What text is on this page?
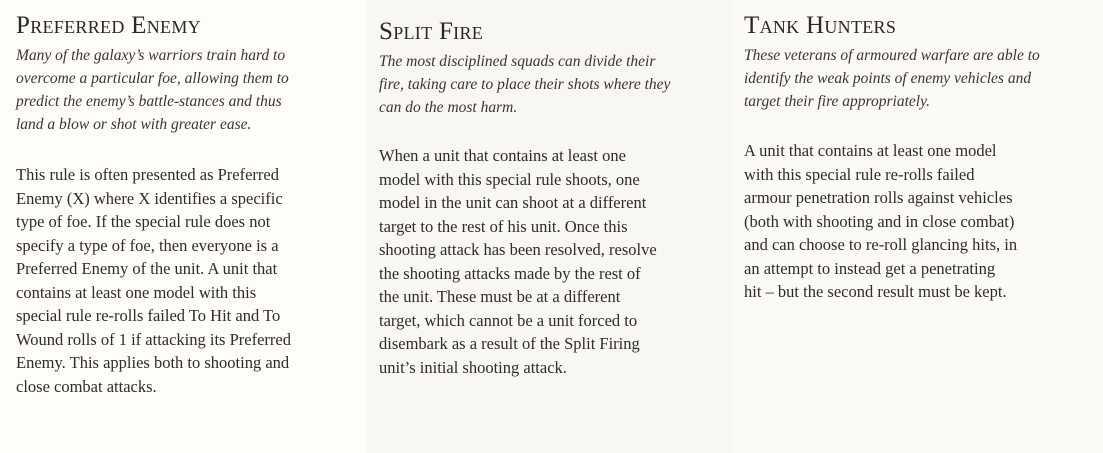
Preferred Enemy

Many of the galaxy’s warriors train hard to
overcome a particular foe, allowing them to
predict the enemy’s battle-stances and thus
land a blow or shot with greater ease.

This rule is often presented as Preferred
Enemy (X) where X identifies a specific
type of foe. If the special rule does not
specify a type of foe, then everyone is a
Preferred Enemy of the unit. A unit that
contains at least one model with this
special rule re-rolls failed To Hit and To
Wound rolls of 1 if attacking its Preferred
Enemy. This applies both to shooting and
close combat attacks.

Split Fire

The most disciplined squads can divide their
fire, taking care to place their shots where they
can do the most harm.

When a unit that contains at least one
model with this special rule shoots, one
model in the unit can shoot at a different
target to the rest of his unit. Once this
shooting attack has been resolved, resolve
the shooting attacks made by the rest of
the unit. These must be at a different
target, which cannot be a unit forced to
disembark as a result of the Split Firing
unit’s initial shooting attack.

Tank Hunters

These veterans of armoured warfare are able to
identify the weak points of enemy vehicles and
target their fire appropriately.

A unit that contains at least one model
with this special rule re-rolls failed
armour penetration rolls against vehicles
(both with shooting and in close combat)
and can choose to re-roll glancing hits, in
an attempt to instead get a penetrating
hit – but the second result must be kept.
